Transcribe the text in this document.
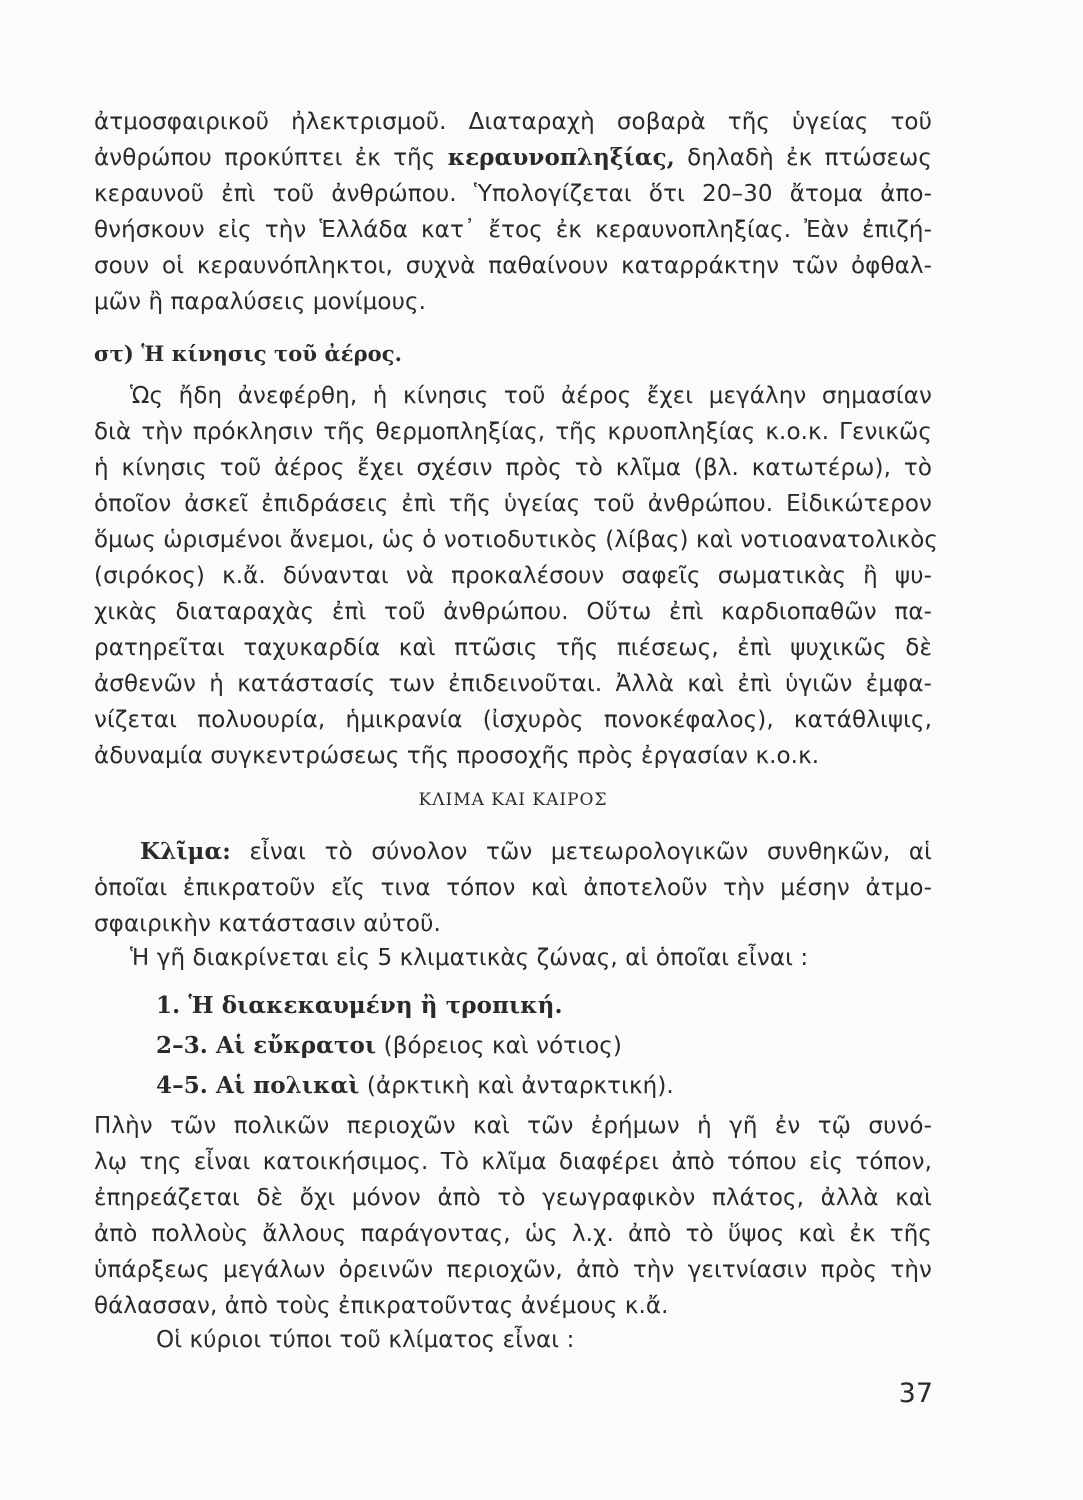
ἀτμοσφαιρικοῦ ἠλεκτρισμοῦ. Διαταραχὴ σοβαρὰ τῆς ὑγείας τοῦ
ἀνθρώπου προκύπτει ἐκ τῆς κεραυνοπληξίας, δηλαδὴ ἐκ πτώσεως
κεραυνοῦ ἐπὶ τοῦ ἀνθρώπου. Ὑπολογίζεται ὅτι 20–30 ἄτομα ἀπο-
θνήσκουν εἰς τὴν Ἑλλάδα κατ᾽ ἔτος ἐκ κεραυνοπληξίας. Ἐὰν ἐπιζή-
σουν οἱ κεραυνόπληκτοι, συχνὰ παθαίνουν καταρράκτην τῶν ὀφθαλ-
μῶν ἢ παραλύσεις μονίμους.
στ) Ἡ κίνησις τοῦ ἀέρος.
Ὡς ἤδη ἀνεφέρθη, ἡ κίνησις τοῦ ἀέρος ἔχει μεγάλην σημασίαν
διὰ τὴν πρόκλησιν τῆς θερμοπληξίας, τῆς κρυοπληξίας κ.ο.κ. Γενικῶς
ἡ κίνησις τοῦ ἀέρος ἔχει σχέσιν πρὸς τὸ κλῖμα (βλ. κατωτέρω), τὸ
ὁποῖον ἀσκεῖ ἐπιδράσεις ἐπὶ τῆς ὑγείας τοῦ ἀνθρώπου. Εἰδικώτερον
ὅμως ὡρισμένοι ἄνεμοι, ὡς ὁ νοτιοδυτικὸς (λίβας) καὶ νοτιοανατολικὸς
(σιρόκος) κ.ἄ. δύνανται νὰ προκαλέσουν σαφεῖς σωματικὰς ἢ ψυ-
χικὰς διαταραχὰς ἐπὶ τοῦ ἀνθρώπου. Οὕτω ἐπὶ καρδιοπαθῶν πα-
ρατηρεῖται ταχυκαρδία καὶ πτῶσις τῆς πιέσεως, ἐπὶ ψυχικῶς δὲ
ἀσθενῶν ἡ κατάστασίς των ἐπιδεινοῦται. Ἀλλὰ καὶ ἐπὶ ὑγιῶν ἐμφα-
νίζεται πολυουρία, ἡμικρανία (ἰσχυρὸς πονοκέφαλος), κατάθλιψις,
ἀδυναμία συγκεντρώσεως τῆς προσοχῆς πρὸς ἐργασίαν κ.ο.κ.
ΚΛΙΜΑ ΚΑΙ ΚΑΙΡΟΣ
Κλῖμα: εἶναι τὸ σύνολον τῶν μετεωρολογικῶν συνθηκῶν, αἱ
ὁποῖαι ἐπικρατοῦν εἴς τινα τόπον καὶ ἀποτελοῦν τὴν μέσην ἀτμο-
σφαιρικὴν κατάστασιν αὐτοῦ.
Ἡ γῆ διακρίνεται εἰς 5 κλιματικὰς ζώνας, αἱ ὁποῖαι εἶναι :
1. Ἡ διακεκαυμένη ἢ τροπική.
2–3. Αἱ εὔκρατοι (βόρειος καὶ νότιος)
4–5. Αἱ πολικαὶ (ἀρκτικὴ καὶ ἀνταρκτική).
Πλὴν τῶν πολικῶν περιοχῶν καὶ τῶν ἐρήμων ἡ γῆ ἐν τῷ συνό-
λῳ της εἶναι κατοικήσιμος. Τὸ κλῖμα διαφέρει ἀπὸ τόπου εἰς τόπον,
ἐπηρεάζεται δὲ ὄχι μόνον ἀπὸ τὸ γεωγραφικὸν πλάτος, ἀλλὰ καὶ
ἀπὸ πολλοὺς ἄλλους παράγοντας, ὡς λ.χ. ἀπὸ τὸ ὕψος καὶ ἐκ τῆς
ὑπάρξεως μεγάλων ὀρεινῶν περιοχῶν, ἀπὸ τὴν γειτνίασιν πρὸς τὴν
θάλασσαν, ἀπὸ τοὺς ἐπικρατοῦντας ἀνέμους κ.ἄ.
Οἱ κύριοι τύποι τοῦ κλίματος εἶναι :
37
